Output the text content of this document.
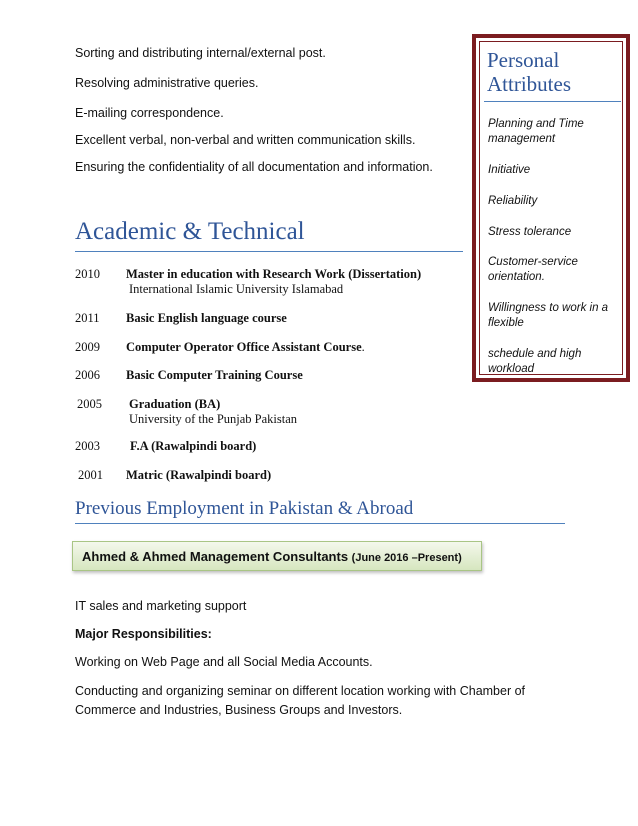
Sorting and distributing internal/external post.
Resolving administrative queries.
E-mailing correspondence.
Excellent verbal, non-verbal and written communication skills.
Ensuring the confidentiality of all documentation and information.
Academic & Technical
2010 Master in education with Research Work (Dissertation)
International Islamic University Islamabad
2011 Basic English language course
2009 Computer Operator Office Assistant Course.
2006 Basic Computer Training Course
2005 Graduation (BA)
University of the Punjab Pakistan
2003 F.A (Rawalpindi board)
2001 Matric (Rawalpindi board)
Previous Employment in Pakistan & Abroad
Ahmed & Ahmed Management Consultants (June 2016 –Present)
IT sales and marketing support
Major Responsibilities:
Working on Web Page and all Social Media Accounts.
Conducting and organizing seminar on different location working with Chamber of Commerce and Industries, Business Groups and Investors.
Personal Attributes
Planning and Time management
Initiative
Reliability
Stress tolerance
Customer-service orientation.
Willingness to work in a flexible
schedule and high workload
